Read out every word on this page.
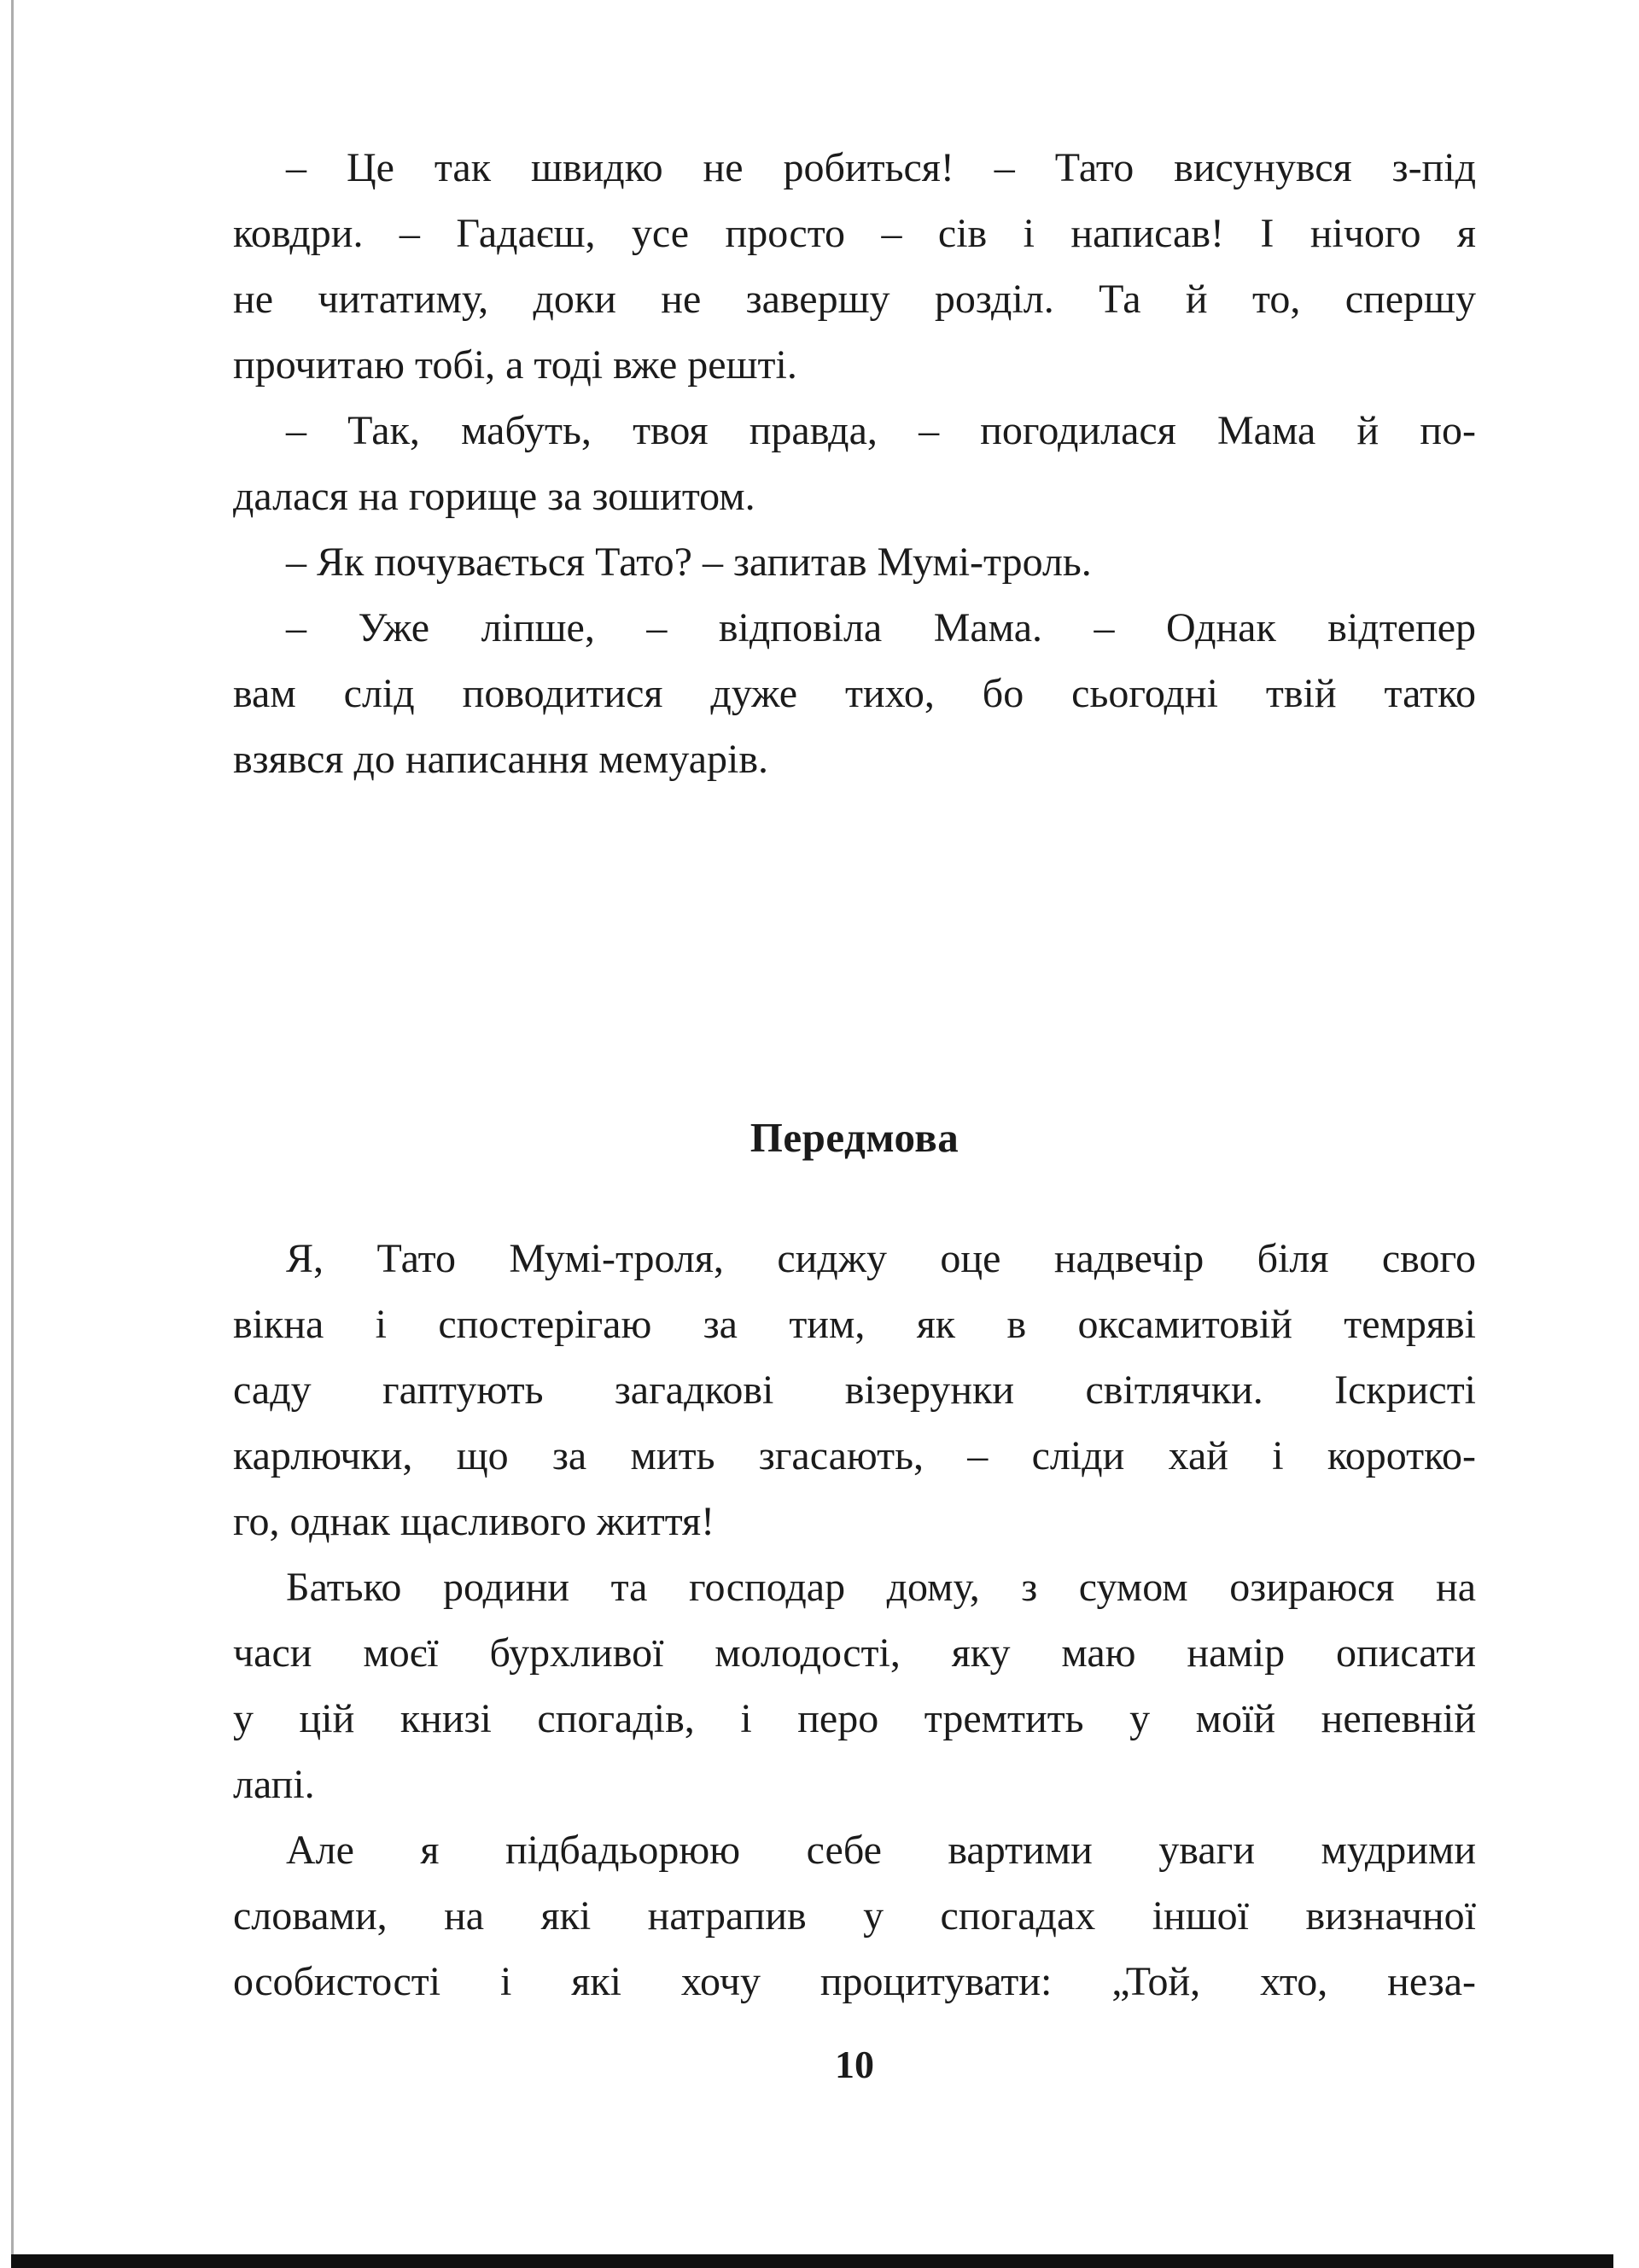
– Це так швидко не робиться! – Тато висунувся з-під
ковдри. – Гадаєш, усе просто – сів і написав! І нічого я
не читатиму, доки не завершу розділ. Та й то, спершу
прочитаю тобі, а тоді вже решті.
– Так, мабуть, твоя правда, – погодилася Мама й по-
далася на горище за зошитом.
– Як почувається Тато? – запитав Мумі-троль.
– Уже ліпше, – відповіла Мама. – Однак відтепер
вам слід поводитися дуже тихо, бо сьогодні твій татко
взявся до написання мемуарів.
Передмова
Я, Тато Мумі-троля, сиджу оце надвечір біля свого
вікна і спостерігаю за тим, як в оксамитовій темряві
саду гаптують загадкові візерунки світлячки. Іскристі
карлючки, що за мить згасають, – сліди хай і коротко-
го, однак щасливого життя!
Батько родини та господар дому, з сумом озираюся на
часи моєї бурхливої молодості, яку маю намір описати
у цій книзі спогадів, і перо тремтить у моїй непевній
лапі.
Але я підбадьорюю себе вартими уваги мудрими
словами, на які натрапив у спогадах іншої визначної
особистості і які хочу процитувати: „Той, хто, неза-
10
